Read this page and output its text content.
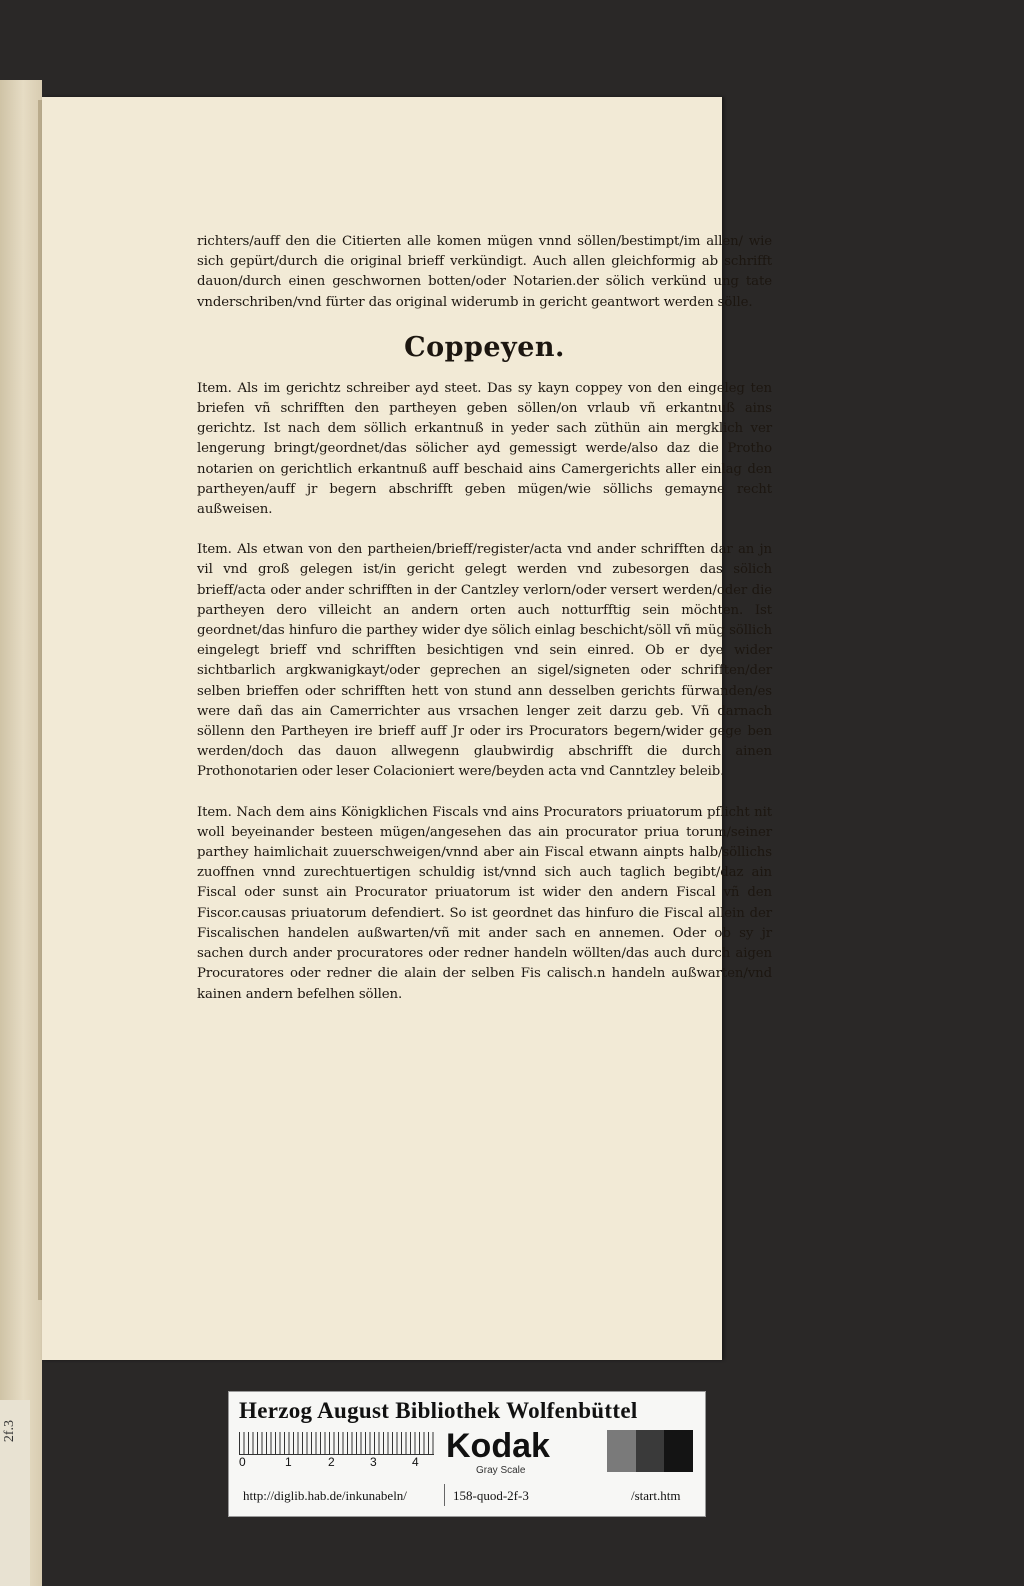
2f.3

richters/auff den die Citierten alle komen mügen vnnd söllen/bestimpt/im allen/ wie sich gepürt/durch die original brieff verkündigt. Auch allen gleichformig ab schrifft dauon/durch einen geschwornen botten/oder Notarien.der sölich verkünd ung tate vnderschriben/vnd fürter das original widerumb in gericht geantwort werden sölle.

Coppeyen.

Item. Als im gerichtz schreiber ayd steet. Das sy kayn coppey von den eingeleg ten briefen vñ schrifften den partheyen geben söllen/on vrlaub vñ erkantnuß ains gerichtz. Ist nach dem söllich erkantnuß in yeder sach züthün ain mergklich ver lengerung bringt/geordnet/das sölicher ayd gemessigt werde/also daz die Protho notarien on gerichtlich erkantnuß auff beschaid ains Camergerichts aller einlag den partheyen/auff jr begern abschrifft geben mügen/wie söllichs gemayne recht außweisen.

Item. Als etwan von den partheien/brieff/register/acta vnd ander schrifften dar an jn vil vnd groß gelegen ist/in gericht gelegt werden vnd zubesorgen das sölich brieff/acta oder ander schrifften in der Cantzley verlorn/oder versert werden/oder die partheyen dero villeicht an andern orten auch notturfftig sein möchten. Ist geordnet/das hinfuro die parthey wider dye sölich einlag beschicht/söll vñ müg söllich eingelegt brieff vnd schrifften besichtigen vnd sein einred. Ob er dye wider sichtbarlich argkwanigkayt/oder geprechen an sigel/signeten oder schrifften/der selben brieffen oder schrifften hett von stund ann desselben gerichts fürwanden/es were dañ das ain Camerrichter aus vrsachen lenger zeit darzu geb. Vñ darnach söllenn den Partheyen ire brieff auff Jr oder irs Procurators begern/wider gege ben werden/doch das dauon allwegenn glaubwirdig abschrifft die durch ainen Prothonotarien oder leser Colacioniert were/beyden acta vnd Canntzley beleib.

Item. Nach dem ains Königklichen Fiscals vnd ains Procurators priuatorum pflicht nit woll beyeinander besteen mügen/angesehen das ain procurator priua torum/seiner parthey haimlichait zuuerschweigen/vnnd aber ain Fiscal etwann ainpts halb/söllichs zuoffnen vnnd zurechtuertigen schuldig ist/vnnd sich auch taglich begibt/daz ain Fiscal oder sunst ain Procurator priuatorum ist wider den andern Fiscal vñ den Fiscor.causas priuatorum defendiert. So ist geordnet das hinfuro die Fiscal allein der Fiscalischen handelen außwarten/vñ mit ander sach en annemen. Oder ob sy jr sachen durch ander procuratores oder redner handeln wöllten/das auch durch aigen Procuratores oder redner die alain der selben Fis calisch.n handeln außwarten/vnd kainen andern befelhen söllen.

Herzog August Bibliothek Wolfenbüttel
0	1	2	3	4 Kodak
Gray Scale
http://diglib.hab.de/inkunabeln/	158-quod-2f-3	/start.htm
